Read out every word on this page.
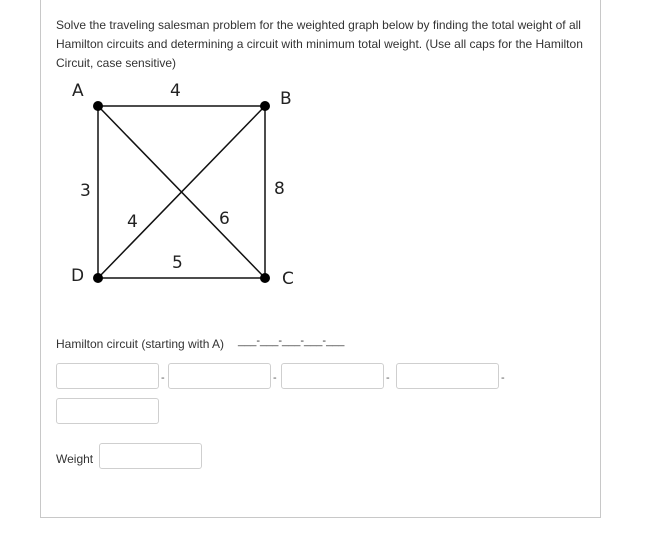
Solve the traveling salesman problem for the weighted graph below by finding the total weight of all Hamilton circuits and determining a circuit with minimum total weight. (Use all caps for the Hamilton Circuit, case sensitive)
A	B
C
D
4
3	8
4	6
5
Hamilton circuit (starting with A) ___-___-___-___-___
-	-	-	-
Weight
